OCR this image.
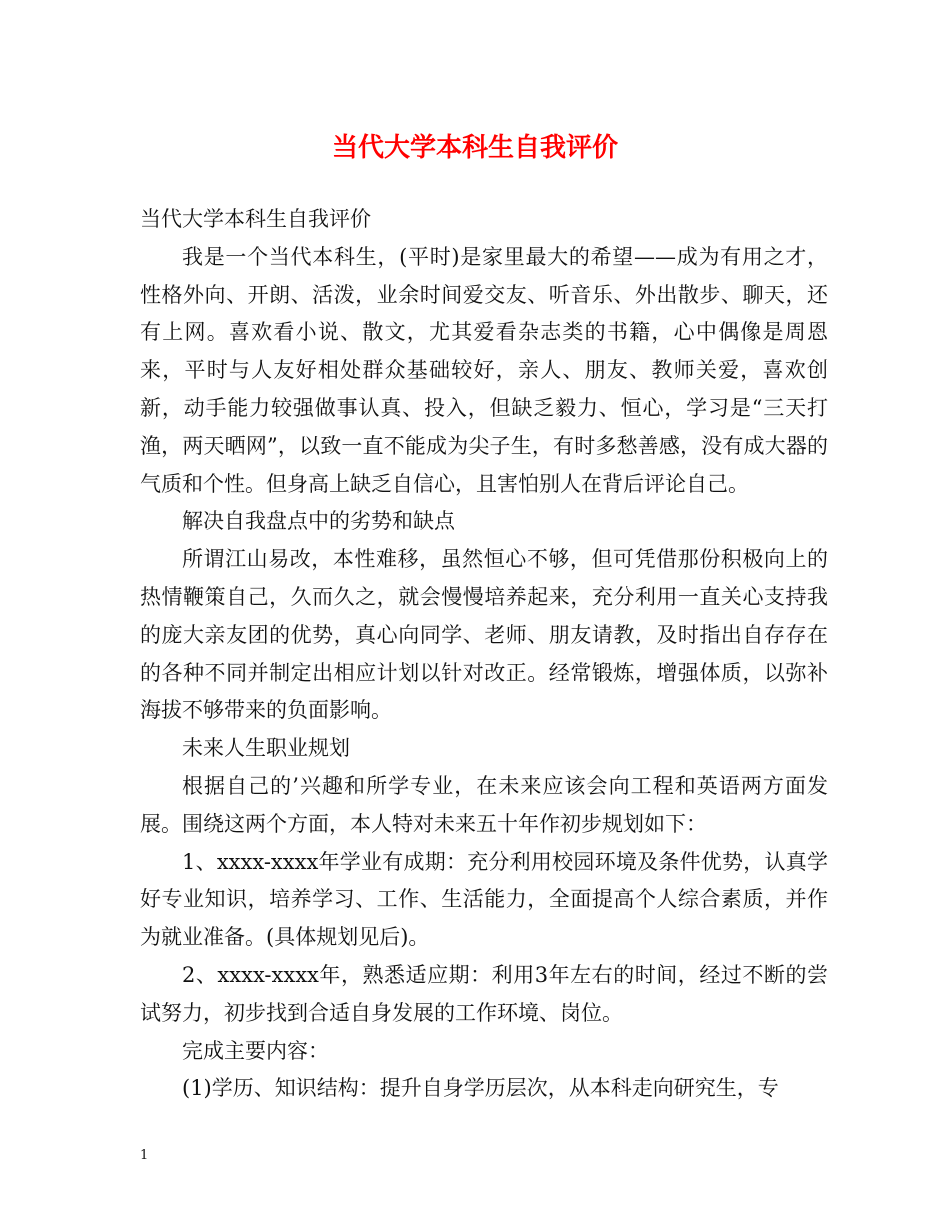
当代大学本科生自我评价

当代大学本科生自我评价

我是一个当代本科生，(平时)是家里最大的希望——成为有用之才，性格外向、开朗、活泼，业余时间爱交友、听音乐、外出散步、聊天，还有上网。喜欢看小说、散文，尤其爱看杂志类的书籍，心中偶像是周恩来，平时与人友好相处群众基础较好，亲人、朋友、教师关爱，喜欢创新，动手能力较强做事认真、投入，但缺乏毅力、恒心，学习是“三天打渔，两天晒网”，以致一直不能成为尖子生，有时多愁善感，没有成大器的气质和个性。但身高上缺乏自信心，且害怕别人在背后评论自己。

解决自我盘点中的劣势和缺点

所谓江山易改，本性难移，虽然恒心不够，但可凭借那份积极向上的热情鞭策自己，久而久之，就会慢慢培养起来，充分利用一直关心支持我的庞大亲友团的优势，真心向同学、老师、朋友请教，及时指出自存存在的各种不同并制定出相应计划以针对改正。经常锻炼，增强体质，以弥补海拔不够带来的负面影响。

未来人生职业规划

根据自己的’兴趣和所学专业，在未来应该会向工程和英语两方面发展。围绕这两个方面，本人特对未来五十年作初步规划如下：

1、xxxx-xxxx年学业有成期：充分利用校园环境及条件优势，认真学好专业知识，培养学习、工作、生活能力，全面提高个人综合素质，并作为就业准备。(具体规划见后)。

2、xxxx-xxxx年，熟悉适应期：利用3年左右的时间，经过不断的尝试努力，初步找到合适自身发展的工作环境、岗位。

完成主要内容：

(1)学历、知识结构：提升自身学历层次，从本科走向研究生，专

1
